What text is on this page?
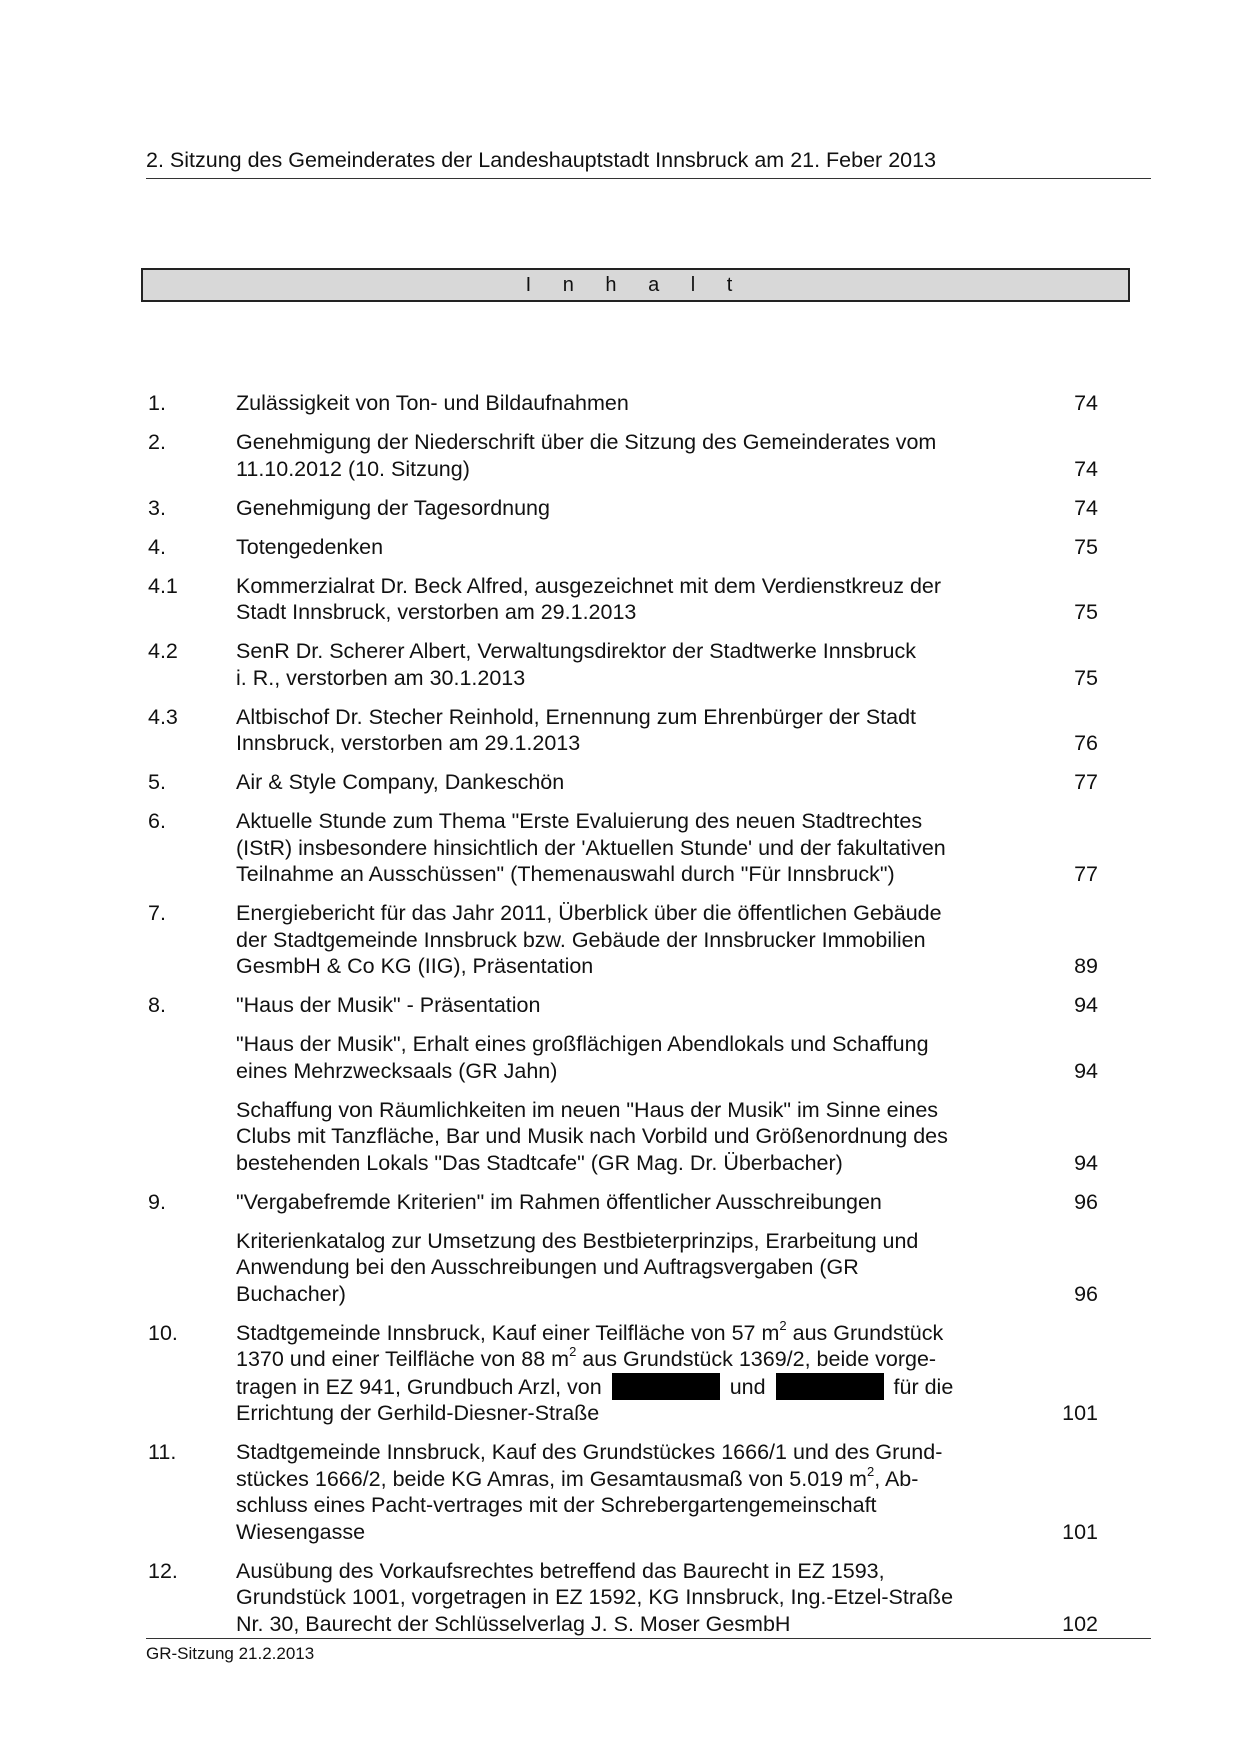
2. Sitzung des Gemeinderates der Landeshauptstadt Innsbruck am 21. Feber 2013
I n h a l t
1.	Zulässigkeit von Ton- und Bildaufnahmen	74
2.	Genehmigung der Niederschrift über die Sitzung des Gemeinderates vom
11.10.2012 (10. Sitzung)	74
3.	Genehmigung der Tagesordnung	74
4.	Totengedenken	75
4.1	Kommerzialrat Dr. Beck Alfred, ausgezeichnet mit dem Verdienstkreuz der
Stadt Innsbruck, verstorben am 29.1.2013	75
4.2	SenR Dr. Scherer Albert, Verwaltungsdirektor der Stadtwerke Innsbruck
i. R., verstorben am 30.1.2013	75
4.3	Altbischof Dr. Stecher Reinhold, Ernennung zum Ehrenbürger der Stadt
Innsbruck, verstorben am 29.1.2013	76
5.	Air & Style Company, Dankeschön	77
6.	Aktuelle Stunde zum Thema "Erste Evaluierung des neuen Stadtrechtes
(IStR) insbesondere hinsichtlich der 'Aktuellen Stunde' und der fakultativen
Teilnahme an Ausschüssen" (Themenauswahl durch "Für Innsbruck")	77
7.	Energiebericht für das Jahr 2011, Überblick über die öffentlichen Gebäude
der Stadtgemeinde Innsbruck bzw. Gebäude der Innsbrucker Immobilien
GesmbH & Co KG (IIG), Präsentation	89
8.	"Haus der Musik" - Präsentation	94
"Haus der Musik", Erhalt eines großflächigen Abendlokals und Schaffung
eines Mehrzwecksaals (GR Jahn)	94
Schaffung von Räumlichkeiten im neuen "Haus der Musik" im Sinne eines
Clubs mit Tanzfläche, Bar und Musik nach Vorbild und Größenordnung des
bestehenden Lokals "Das Stadtcafe" (GR Mag. Dr. Überbacher)	94
9.	"Vergabefremde Kriterien" im Rahmen öffentlicher Ausschreibungen	96
Kriterienkatalog zur Umsetzung des Bestbieterprinzips, Erarbeitung und
Anwendung bei den Ausschreibungen und Auftragsvergaben (GR
Buchacher)	96
10.	Stadtgemeinde Innsbruck, Kauf einer Teilfläche von 57 $m^2$ aus Grundstück
1370 und einer Teilfläche von 88 $m^2$ aus Grundstück 1369/2, beide vorge-
tragen in EZ 941, Grundbuch Arzl, von	und	für die
Errichtung der Gerhild-Diesner-Straße	101
11.	Stadtgemeinde Innsbruck, Kauf des Grundstückes 1666/1 und des Grund-
stückes 1666/2, beide KG Amras, im Gesamtausmaß von 5.019 $m^2$, Ab-
schluss eines Pacht-vertrages mit der Schrebergartengemeinschaft
Wiesengasse	101
12.	Ausübung des Vorkaufsrechtes betreffend das Baurecht in EZ 1593,
Grundstück 1001, vorgetragen in EZ 1592, KG Innsbruck, Ing.-Etzel-Straße
Nr. 30, Baurecht der Schlüsselverlag J. S. Moser GesmbH	102
GR-Sitzung 21.2.2013
